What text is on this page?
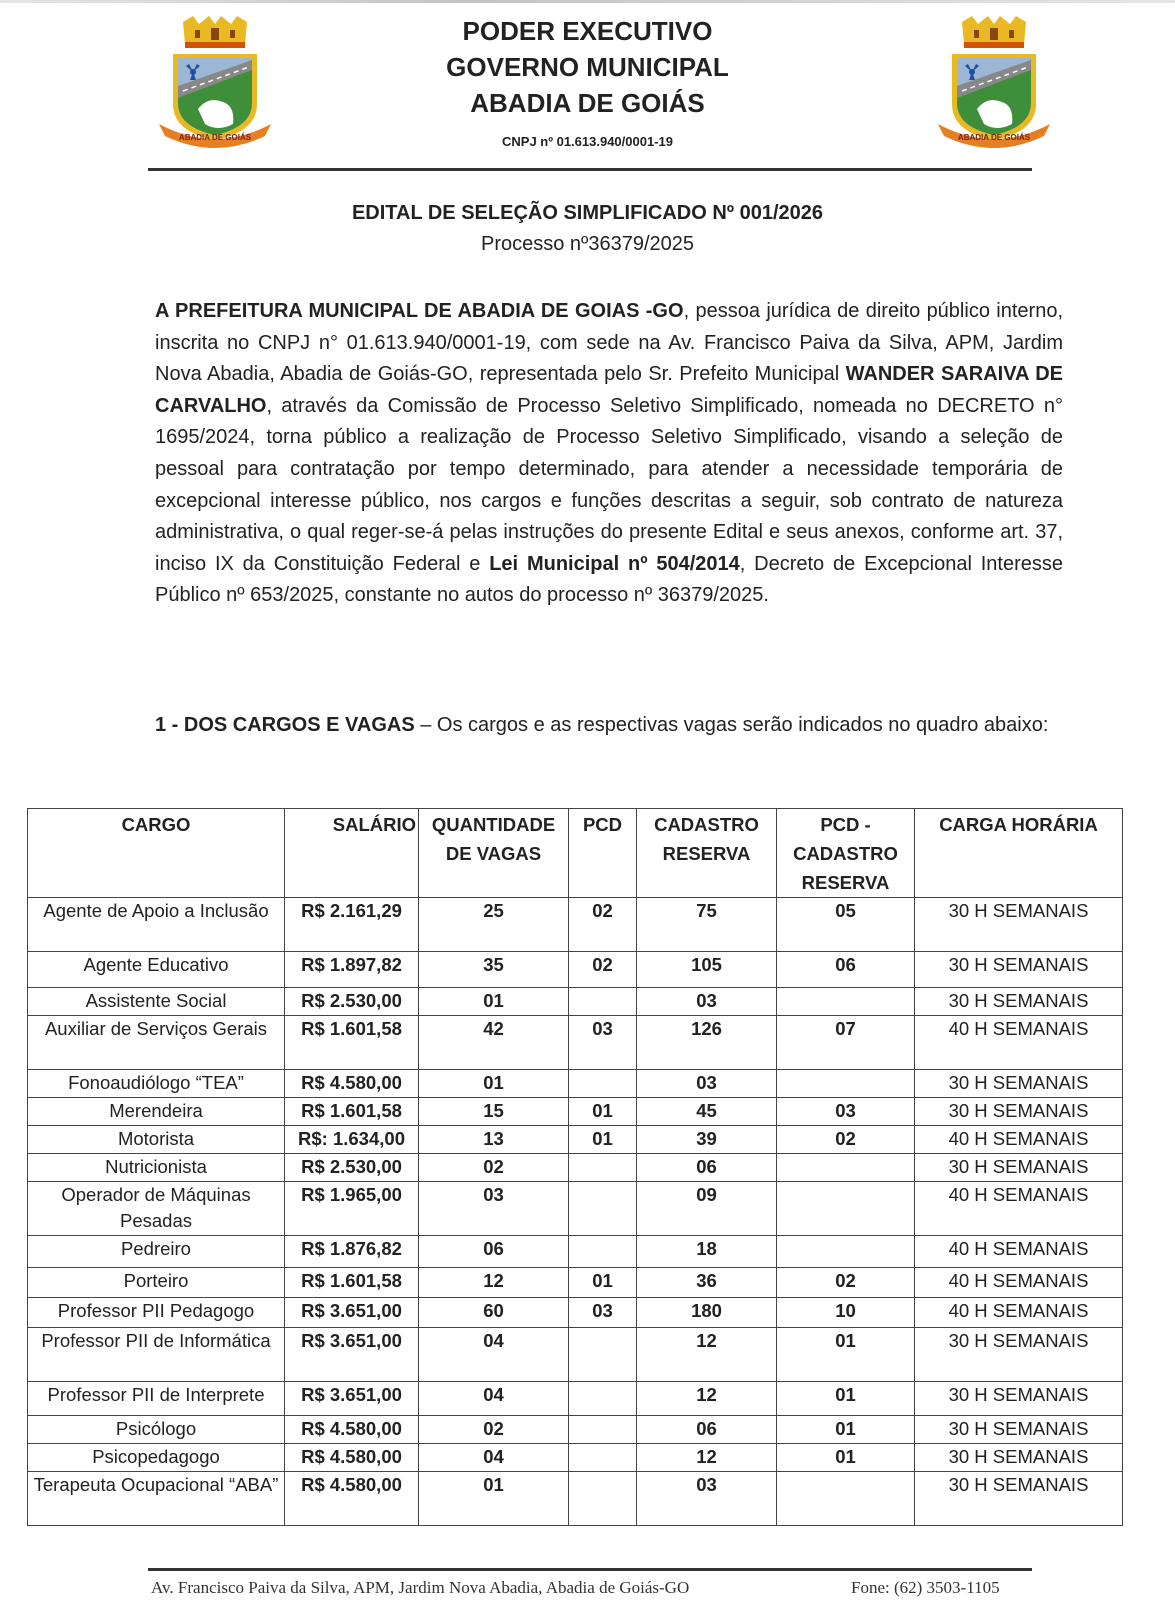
ABADIA DE GOIÁS	ABADIA DE GOIÁS
PODER EXECUTIVO
GOVERNO MUNICIPAL
ABADIA DE GOIÁS
CNPJ nº 01.613.940/0001-19
EDITAL DE SELEÇÃO SIMPLIFICADO Nº 001/2026
Processo nº36379/2025
A PREFEITURA MUNICIPAL DE ABADIA DE GOIAS -GO, pessoa jurídica de direito público interno, inscrita no CNPJ n° 01.613.940/0001-19, com sede na Av. Francisco Paiva da Silva, APM, Jardim Nova Abadia, Abadia de Goiás-GO, representada pelo Sr. Prefeito Municipal WANDER SARAIVA DE CARVALHO, através da Comissão de Processo Seletivo Simplificado, nomeada no DECRETO n° 1695/2024, torna público a realização de Processo Seletivo Simplificado, visando a seleção de pessoal para contratação por tempo determinado, para atender a necessidade temporária de excepcional interesse público, nos cargos e funções descritas a seguir, sob contrato de natureza administrativa, o qual reger-se-á pelas instruções do presente Edital e seus anexos, conforme art. 37, inciso IX da Constituição Federal e Lei Municipal nº 504/2014, Decreto de Excepcional Interesse Público nº 653/2025, constante no autos do processo nº 36379/2025.
1 - DOS CARGOS E VAGAS – Os cargos e as respectivas vagas serão indicados no quadro abaixo:
CARGO	SALÁRIO	QUANTIDADE DE VAGAS	PCD	CADASTRO RESERVA	PCD - CADASTRO RESERVA	CARGA HORÁRIA
Agente de Apoio a Inclusão	R$ 2.161,29	25	02	75	05	30 H SEMANAIS
Agente Educativo	R$ 1.897,82	35	02	105	06	30 H SEMANAIS
Assistente Social	R$ 2.530,00	01		03		30 H SEMANAIS
Auxiliar de Serviços Gerais	R$ 1.601,58	42	03	126	07	40 H SEMANAIS
Fonoaudiólogo “TEA”	R$ 4.580,00	01		03		30 H SEMANAIS
Merendeira	R$ 1.601,58	15	01	45	03	30 H SEMANAIS
Motorista	R$: 1.634,00	13	01	39	02	40 H SEMANAIS
Nutricionista	R$ 2.530,00	02		06		30 H SEMANAIS
Operador de Máquinas Pesadas	R$ 1.965,00	03		09		40 H SEMANAIS
Pedreiro	R$ 1.876,82	06		18		40 H SEMANAIS
Porteiro	R$ 1.601,58	12	01	36	02	40 H SEMANAIS
Professor PII Pedagogo	R$ 3.651,00	60	03	180	10	40 H SEMANAIS
Professor PII de Informática	R$ 3.651,00	04		12	01	30 H SEMANAIS
Professor PII de Interprete	R$ 3.651,00	04		12	01	30 H SEMANAIS
Psicólogo	R$ 4.580,00	02		06	01	30 H SEMANAIS
Psicopedagogo	R$ 4.580,00	04		12	01	30 H SEMANAIS
Terapeuta Ocupacional “ABA”	R$ 4.580,00	01		03		30 H SEMANAIS
Av. Francisco Paiva da Silva, APM, Jardim Nova Abadia, Abadia de Goiás-GO	Fone: (62) 3503-1105
